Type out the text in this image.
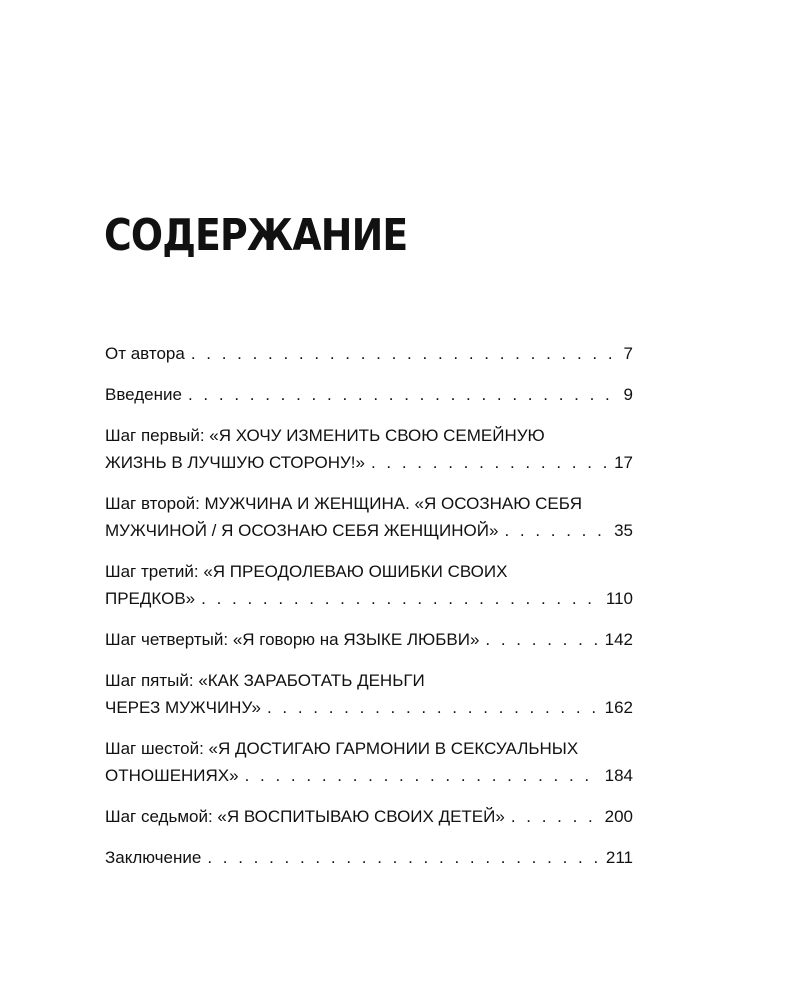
СОДЕРЖАНИЕ
От автора . . .	7
Введение . . .	9
Шаг первый: «Я ХОЧУ ИЗМЕНИТЬ СВОЮ СЕМЕЙНУЮ
ЖИЗНЬ В ЛУЧШУЮ СТОРОНУ!» . . .	17
Шаг второй: МУЖЧИНА И ЖЕНЩИНА. «Я ОСОЗНАЮ СЕБЯ
МУЖЧИНОЙ / Я ОСОЗНАЮ СЕБЯ ЖЕНЩИНОЙ» . . .	35
Шаг третий: «Я ПРЕОДОЛЕВАЮ ОШИБКИ СВОИХ
ПРЕДКОВ» . . .	110
Шаг четвертый: «Я говорю на ЯЗЫКЕ ЛЮБВИ» . . .	142
Шаг пятый: «КАК ЗАРАБОТАТЬ ДЕНЬГИ
ЧЕРЕЗ МУЖЧИНУ» . . .	162
Шаг шестой: «Я ДОСТИГАЮ ГАРМОНИИ В СЕКСУАЛЬНЫХ
ОТНОШЕНИЯХ» . . .	184
Шаг седьмой: «Я ВОСПИТЫВАЮ СВОИХ ДЕТЕЙ» . . .	200
Заключение . . .	211
